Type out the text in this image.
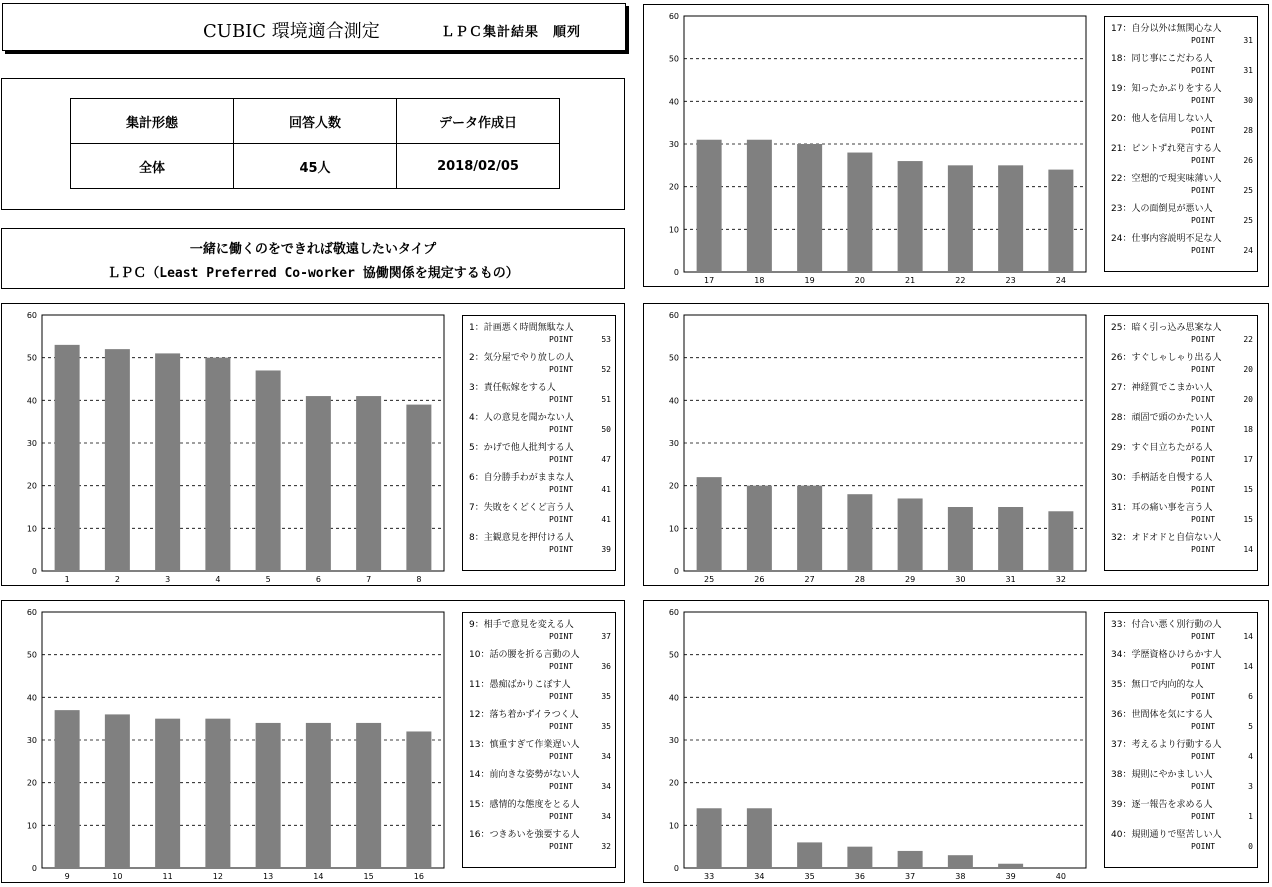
CUBIC 環境適合測定	ＬＰＣ集計結果　順列
集計形態	回答人数	データ作成日
全体	45人	2018/02/05
一緒に働くのをできれば敬遠したいタイプ
ＬＰＣ（Least Preferred Co-worker 協働関係を規定するもの）	0
10
20
30
40
50
60
17	18	19	20	21	22	23	24
17：自分以外は無関心な人
POINT	31
18：同じ事にこだわる人
POINT	31
19：知ったかぶりをする人
POINT	30
20：他人を信用しない人
POINT	28
21：ピントずれ発言する人
POINT	26
22：空想的で現実味薄い人
POINT	25
23：人の面倒見が悪い人
POINT	25
24：仕事内容説明不足な人
POINT	24
0
10
20
30
40
50
60
1	2	3	4	5	6	7	8
1：計画悪く時間無駄な人
POINT	53
2：気分屋でやり放しの人
POINT	52
3：責任転嫁をする人
POINT	51
4：人の意見を聞かない人
POINT	50
5：かげで他人批判する人
POINT	47
6：自分勝手わがままな人
POINT	41
7：失敗をくどくど言う人
POINT	41
8：主観意見を押付ける人
POINT	39
0
10
20
30
40
50
60
25	26	27	28	29	30	31	32
25：暗く引っ込み思案な人
POINT	22
26：すぐしゃしゃり出る人
POINT	20
27：神経質でこまかい人
POINT	20
28：頑固で頭のかたい人
POINT	18
29：すぐ目立ちたがる人
POINT	17
30：手柄話を自慢する人
POINT	15
31：耳の痛い事を言う人
POINT	15
32：オドオドと自信ない人
POINT	14
0
10
20
30
40
50
60
9	10	11	12	13	14	15	16
9：相手で意見を変える人
POINT	37
10：話の腰を折る言動の人
POINT	36
11：愚痴ばかりこぼす人
POINT	35
12：落ち着かずイラつく人
POINT	35
13：慎重すぎて作業遅い人
POINT	34
14：前向きな姿勢がない人
POINT	34
15：感情的な態度をとる人
POINT	34
16：つきあいを強要する人
POINT	32
0
10
20
30
40
50
60
33	34	35	36	37	38	39	40
33：付合い悪く別行動の人
POINT	14
34：学歴資格ひけらかす人
POINT	14
35：無口で内向的な人
POINT	6
36：世間体を気にする人
POINT	5
37：考えるより行動する人
POINT	4
38：規則にやかましい人
POINT	3
39：逐一報告を求める人
POINT	1
40：規則通りで堅苦しい人
POINT	0
